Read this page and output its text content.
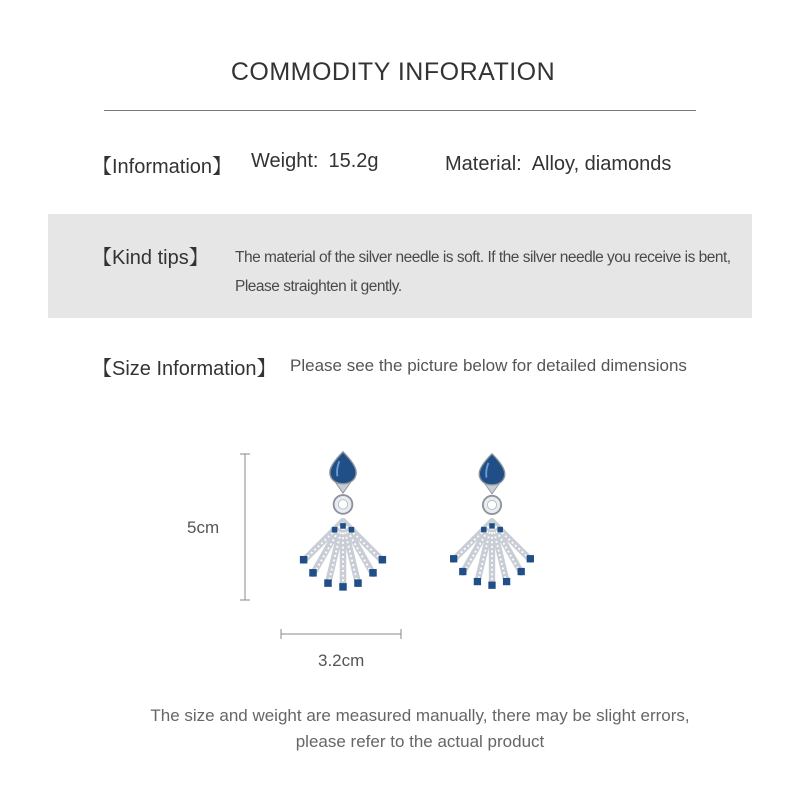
COMMODITY INFORATION
【Information】 Weight: 15.2g	Material: Alloy, diamonds
【Kind tips】 The material of the silver needle is soft. If the silver needle you receive is bent,
Please straighten it gently.
【Size Information】 Please see the picture below for detailed dimensions
5cm
3.2cm
The size and weight are measured manually, there may be slight errors,
please refer to the actual product
